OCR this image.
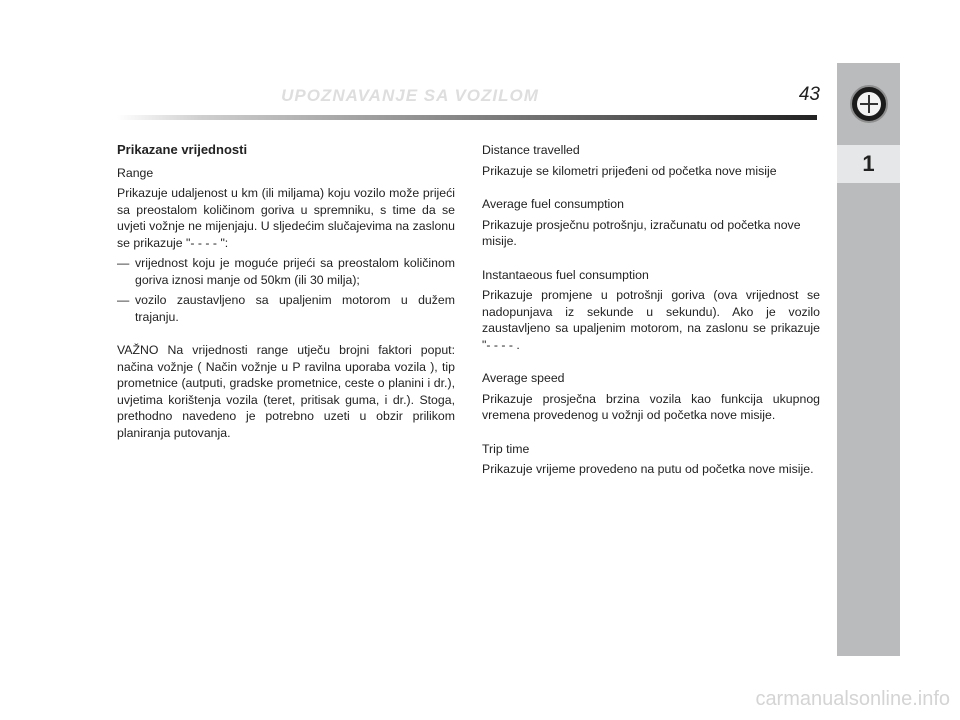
UPOZNAVANJE SA VOZILOM	43
1

Prikazane vrijednosti

Range

Prikazuje udaljenost u km (ili miljama) koju vozilo može prijeći sa preostalom količinom goriva u spremniku, s time da se uvjeti vožnje ne mijenjaju. U sljedećim slučajevima na zaslonu se prikazuje "- - - - ":

— vrijednost koju je moguće prijeći sa preostalom količinom goriva iznosi manje od 50km (ili 30 milja);

— vozilo zaustavljeno sa upaljenim motorom u dužem trajanju.

VAŽNO Na vrijednosti range utječu brojni faktori poput: načina vožnje ( Način vožnje u P ravilna uporaba vozila ), tip prometnice (autputi, gradske prometnice, ceste o planini i dr.), uvjetima korištenja vozila (teret, pritisak guma, i dr.). Stoga, prethodno navedeno je potrebno uzeti u obzir prilikom planiranja putovanja.

Distance travelled

Prikazuje se kilometri prijeđeni od početka nove misije

Average fuel consumption

Prikazuje prosječnu potrošnju, izračunatu od početka nove misije.

Instantaeous fuel consumption

Prikazuje promjene u potrošnji goriva (ova vrijednost se nadopunjava iz sekunde u sekundu). Ako je vozilo zaustavljeno sa upaljenim motorom, na zaslonu se prikazuje "- - - - .

Average speed

Prikazuje prosječna brzina vozila kao funkcija ukupnog vremena provedenog u vožnji od početka nove misije.

Trip time

Prikazuje vrijeme provedeno na putu od početka nove misije.

carmanualsonline.info
